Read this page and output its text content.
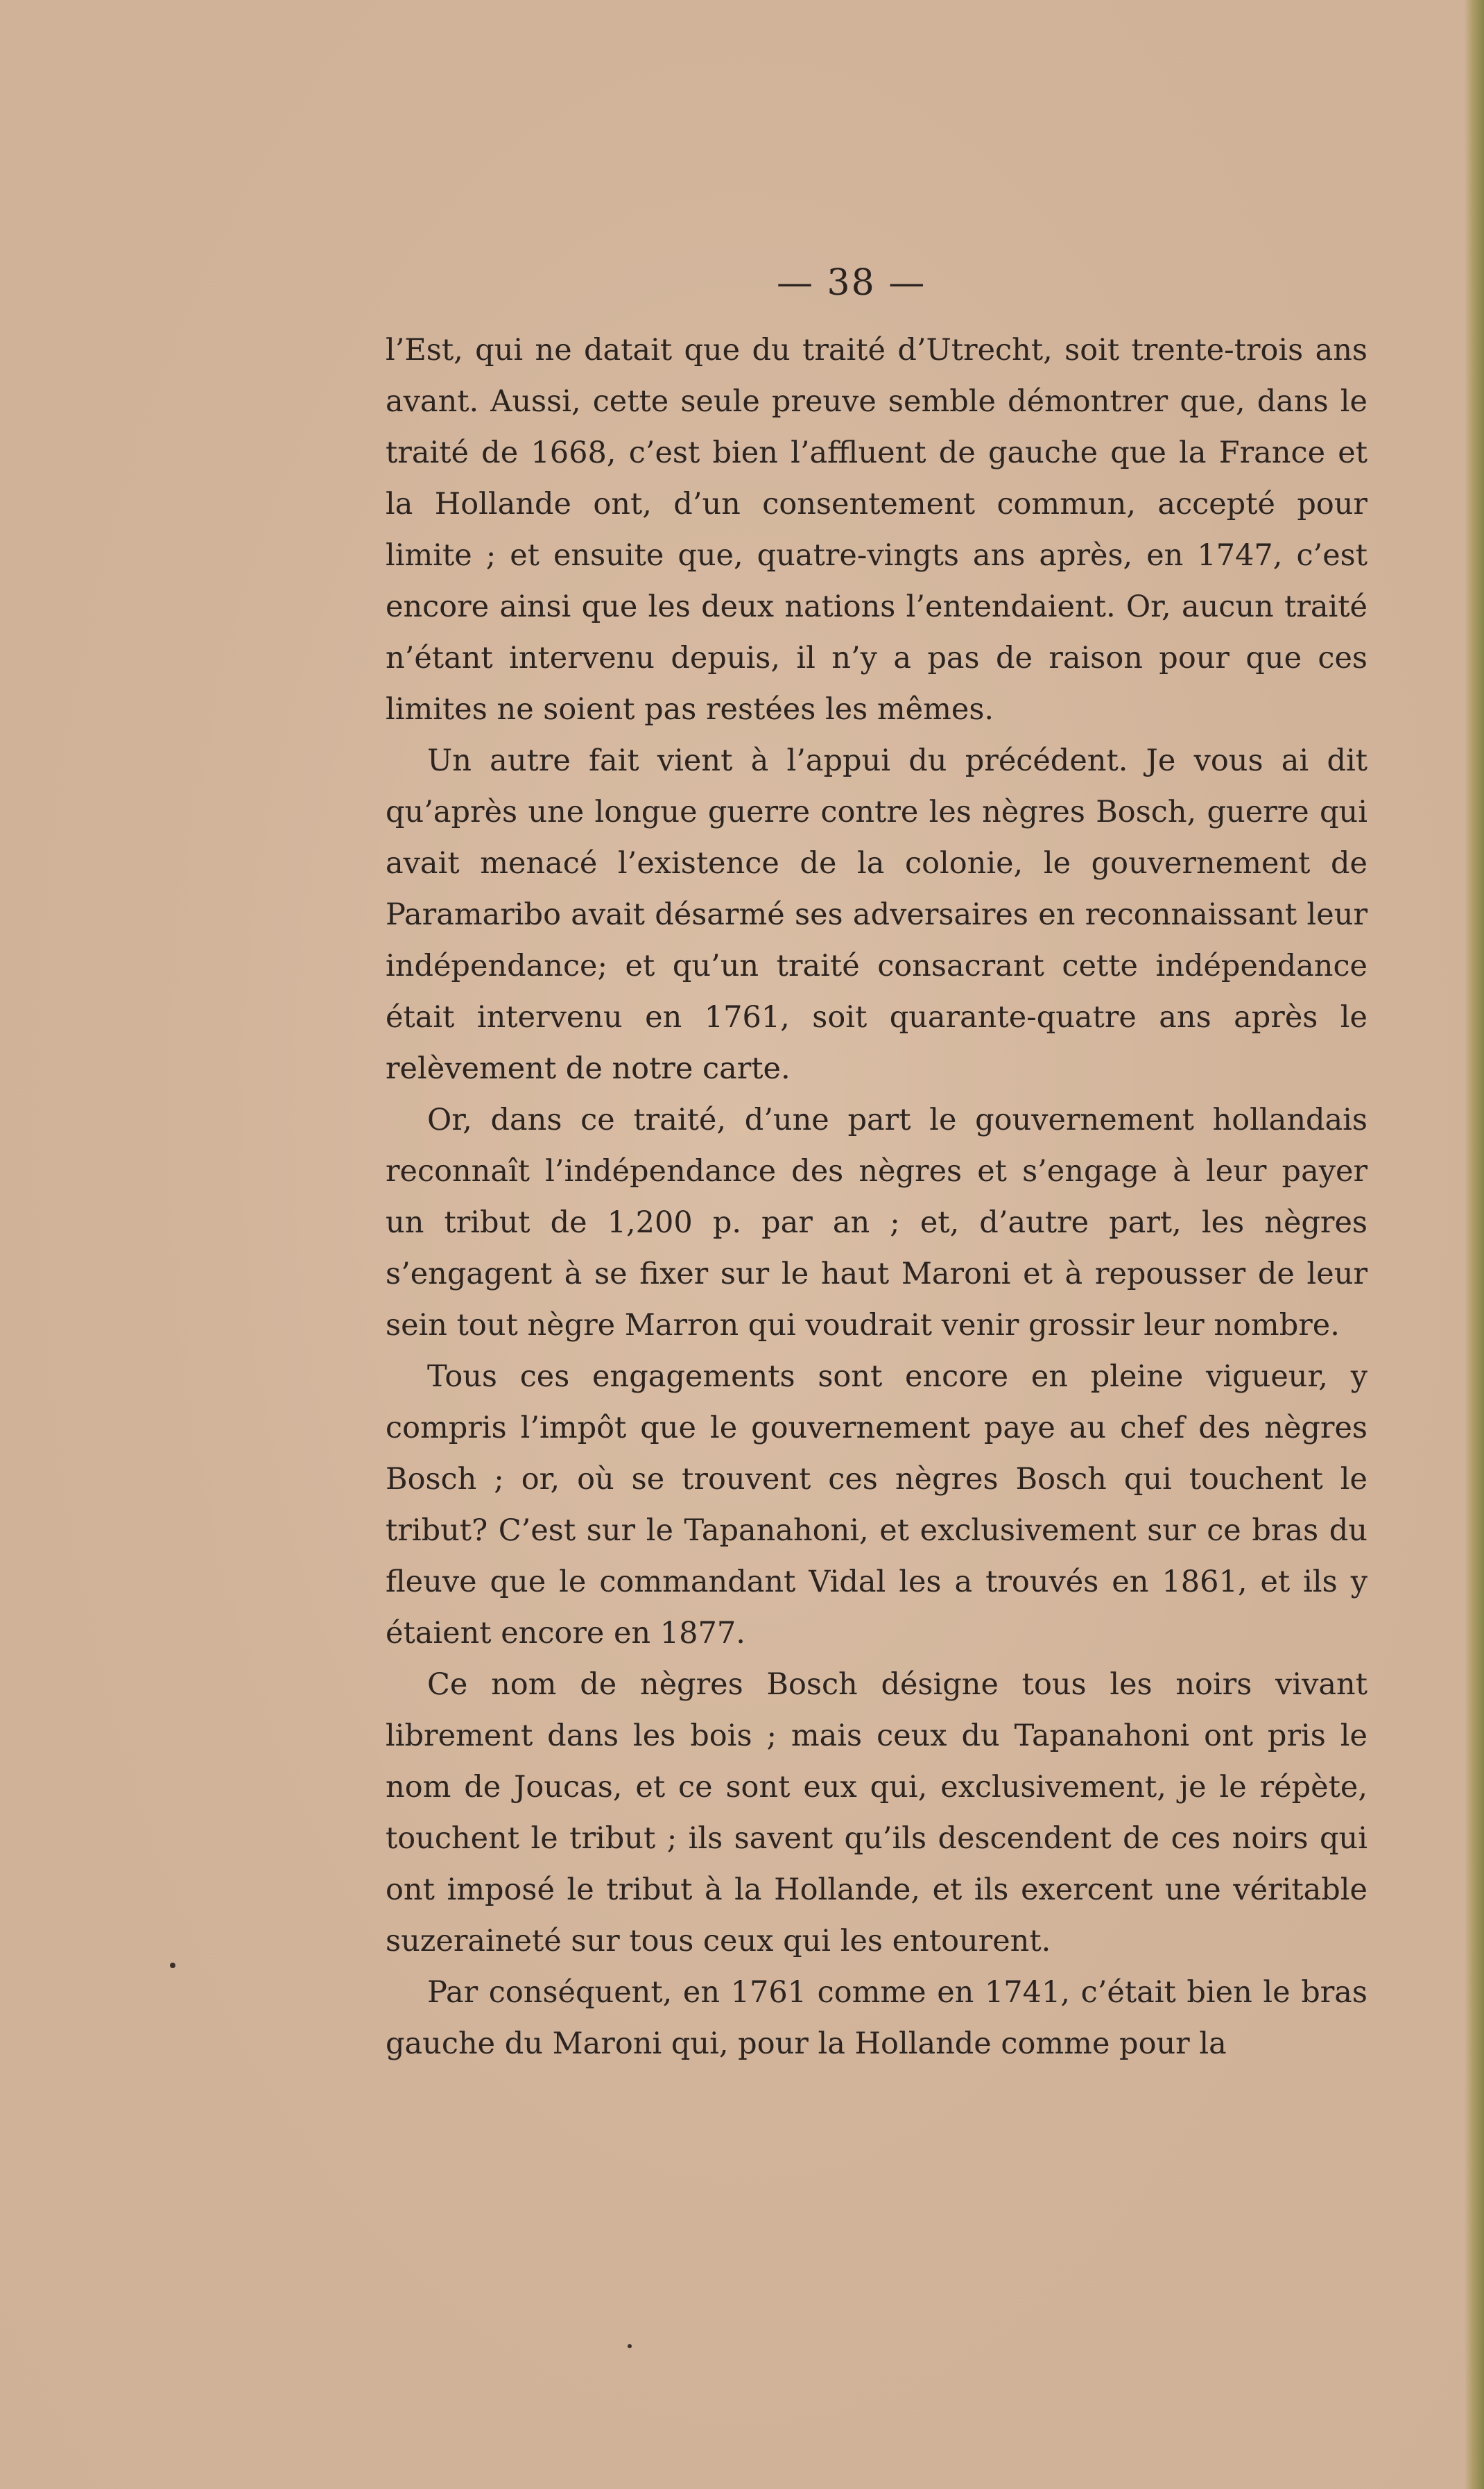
— 38 —

l’Est, qui ne datait que du traité d’Utrecht, soit trente-trois ans avant. Aussi, cette seule preuve semble démontrer que, dans le traité de 1668, c’est bien l’affluent de gauche que la France et la Hollande ont, d’un consentement commun, accepté pour limite ; et ensuite que, quatre-vingts ans après, en 1747, c’est encore ainsi que les deux nations l’entendaient. Or, aucun traité n’étant intervenu depuis, il n’y a pas de raison pour que ces limites ne soient pas restées les mêmes.

Un autre fait vient à l’appui du précédent. Je vous ai dit qu’après une longue guerre contre les nègres Bosch, guerre qui avait menacé l’existence de la colonie, le gouvernement de Paramaribo avait désarmé ses adversaires en reconnaissant leur indépendance; et qu’un traité consacrant cette indépendance était intervenu en 1761, soit quarante-quatre ans après le relèvement de notre carte.

Or, dans ce traité, d’une part le gouvernement hollandais reconnaît l’indépendance des nègres et s’engage à leur payer un tribut de 1,200 p. par an ; et, d’autre part, les nègres s’engagent à se fixer sur le haut Maroni et à repousser de leur sein tout nègre Marron qui voudrait venir grossir leur nombre.

Tous ces engagements sont encore en pleine vigueur, y compris l’impôt que le gouvernement paye au chef des nègres Bosch ; or, où se trouvent ces nègres Bosch qui touchent le tribut? C’est sur le Tapanahoni, et exclusivement sur ce bras du fleuve que le commandant Vidal les a trouvés en 1861, et ils y étaient encore en 1877.

Ce nom de nègres Bosch désigne tous les noirs vivant librement dans les bois ; mais ceux du Tapanahoni ont pris le nom de Joucas, et ce sont eux qui, exclusivement, je le répète, touchent le tribut ; ils savent qu’ils descendent de ces noirs qui ont imposé le tribut à la Hollande, et ils exercent une véritable suzeraineté sur tous ceux qui les entourent.

Par conséquent, en 1761 comme en 1741, c’était bien le bras gauche du Maroni qui, pour la Hollande comme pour la
